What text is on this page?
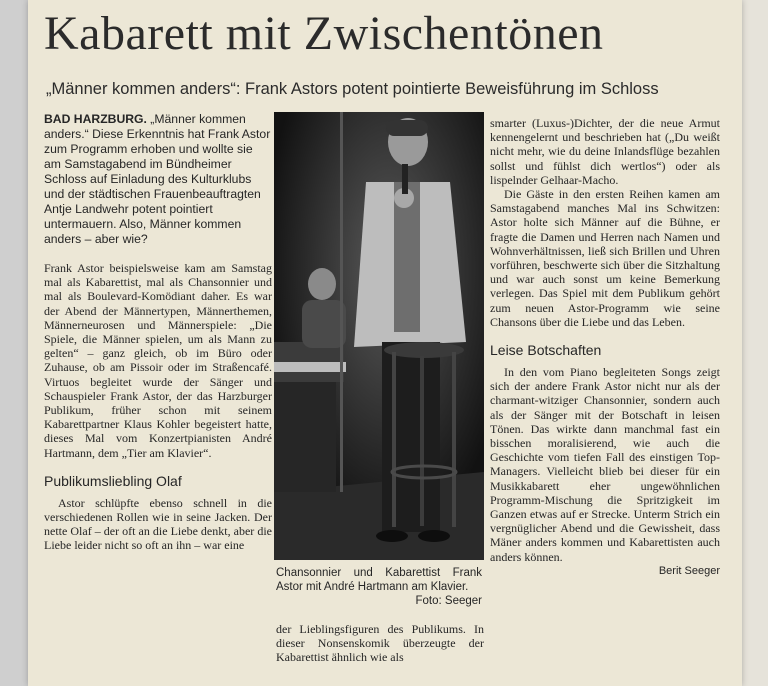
Kabarett mit Zwischentönen
„Männer kommen anders“: Frank Astors potent pointierte Beweisführung im Schloss

BAD HARZBURG. „Männer kommen anders.“ Diese Erkenntnis hat Frank Astor zum Programm erhoben und wollte sie am Samstagabend im Bündheimer Schloss auf Einladung des Kulturklubs und der städtischen Frauenbeauftragten Antje Landwehr potent pointiert untermauern. Also, Männer kommen anders – aber wie?

Frank Astor beispielsweise kam am Samstag mal als Kabarettist, mal als Chansonnier und mal als Boulevard-Komödiant daher. Es war der Abend der Männertypen, Männerthemen, Männerneurosen und Männerspiele: „Die Spiele, die Männer spielen, um als Mann zu gelten“ – ganz gleich, ob im Büro oder Zuhause, ob am Pissoir oder im Straßencafé. Virtuos begleitet wurde der Sänger und Schauspieler Frank Astor, der das Harzburger Publikum, früher schon mit seinem Kabarettpartner Klaus Kohler begeistert hatte, dieses Mal vom Konzertpianisten André Hartmann, dem „Tier am Klavier“.

Publikumsliebling Olaf

Astor schlüpfte ebenso schnell in die verschiedenen Rollen wie in seine Jacken. Der nette Olaf – der oft an die Liebe denkt, aber die Liebe leider nicht so oft an ihn – war eine

Chansonnier und Kabarettist Frank Astor mit André Hartmann am Klavier.
Foto: Seeger

der Lieblingsfiguren des Publikums. In dieser Nonsenskomik überzeugte der Kabarettist ähnlich wie als

smarter (Luxus-)Dichter, der die neue Armut kennengelernt und beschrieben hat („Du weißt nicht mehr, wie du deine Inlandsflüge bezahlen sollst und fühlst dich wertlos“) oder als lispelnder Gelhaar-Macho.

Die Gäste in den ersten Reihen kamen am Samstagabend manches Mal ins Schwitzen: Astor holte sich Männer auf die Bühne, er fragte die Damen und Herren nach Namen und Wohnverhältnissen, ließ sich Brillen und Uhren vorführen, beschwerte sich über die Sitzhaltung und war auch sonst um keine Bemerkung verlegen. Das Spiel mit dem Publikum gehört zum neuen Astor-Programm wie seine Chansons über die Liebe und das Leben.

Leise Botschaften

In den vom Piano begleiteten Songs zeigt sich der andere Frank Astor nicht nur als der charmant-witziger Chansonnier, sondern auch als der Sänger mit der Botschaft in leisen Tönen. Das wirkte dann manchmal fast ein bisschen moralisierend, wie auch die Geschichte vom tiefen Fall des einstigen Top-Managers. Vielleicht blieb bei dieser für ein Musikkabarett eher ungewöhnlichen Programm-Mischung die Spritzigkeit im Ganzen etwas auf er Strecke. Unterm Strich ein vergnüglicher Abend und die Gewissheit, dass Mäner anders kommen und Kabarettisten auch anders können.

Berit Seeger
